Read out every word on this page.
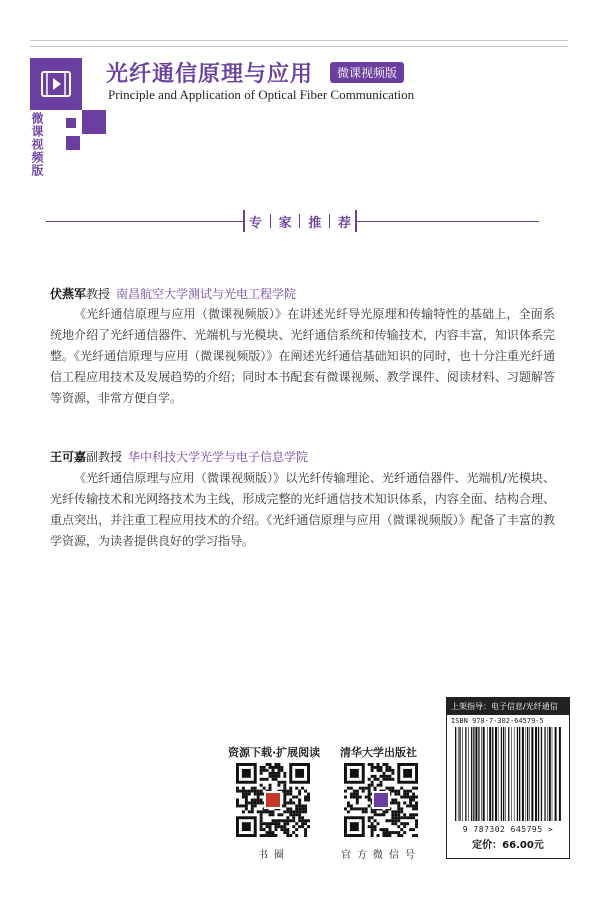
微课视频版
光纤通信原理与应用	微课视频版
Principle and Application of Optical Fiber Communication
专 家 推 荐
伏燕军教授 南昌航空大学测试与光电工程学院

《光纤通信原理与应用（微课视频版）》在讲述光纤导光原理和传输特性的基础上，全面系统地介绍了光纤通信器件、光端机与光模块、光纤通信系统和传输技术，内容丰富，知识体系完整。《光纤通信原理与应用（微课视频版）》在阐述光纤通信基础知识的同时，也十分注重光纤通信工程应用技术及发展趋势的介绍；同时本书配套有微课视频、教学课件、阅读材料、习题解答等资源，非常方便自学。

王可嘉副教授 华中科技大学光学与电子信息学院

《光纤通信原理与应用（微课视频版）》以光纤传输理论、光纤通信器件、光端机/光模块、光纤传输技术和光网络技术为主线，形成完整的光纤通信技术知识体系，内容全面、结构合理、重点突出，并注重工程应用技术的介绍。《光纤通信原理与应用（微课视频版）》配备了丰富的教学资源，为读者提供良好的学习指导。

资源下载·扩展阅读
书圈
清华大学出版社
官方微信号
上架指导：电子信息/光纤通信
ISBN 978-7-302-64579-5
9 787302 645795 >
定价：66.00元
